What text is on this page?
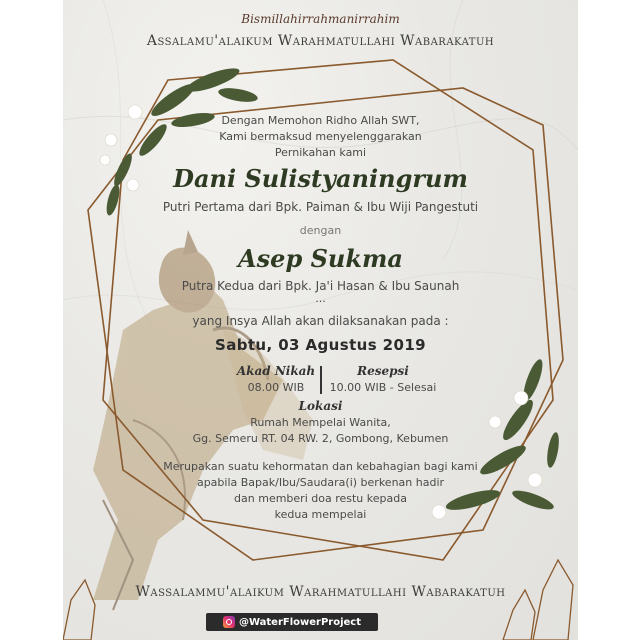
Bismillahirrahmanirrahim
Assalamu'alaikum Warahmatullahi Wabarakatuh
Dengan Memohon Ridho Allah SWT,
Kami bermaksud menyelenggarakan
Pernikahan kami
Dani Sulistyaningrum
Putri Pertama dari Bpk. Paiman & Ibu Wiji Pangestuti
dengan
Asep Sukma
Putra Kedua dari Bpk. Ja'i Hasan & Ibu Saunah
...
yang Insya Allah akan dilaksanakan pada :
Sabtu, 03 Agustus 2019
Akad Nikah
08.00 WIB
Resepsi
10.00 WIB - Selesai
Lokasi
Rumah Mempelai Wanita,
Gg. Semeru RT. 04 RW. 2, Gombong, Kebumen
Merupakan suatu kehormatan dan kebahagian bagi kami
apabila Bapak/Ibu/Saudara(i) berkenan hadir
dan memberi doa restu kepada
kedua mempelai
Wassalammu'alaikum Warahmatullahi Wabarakatuh
@WaterFlowerProject
